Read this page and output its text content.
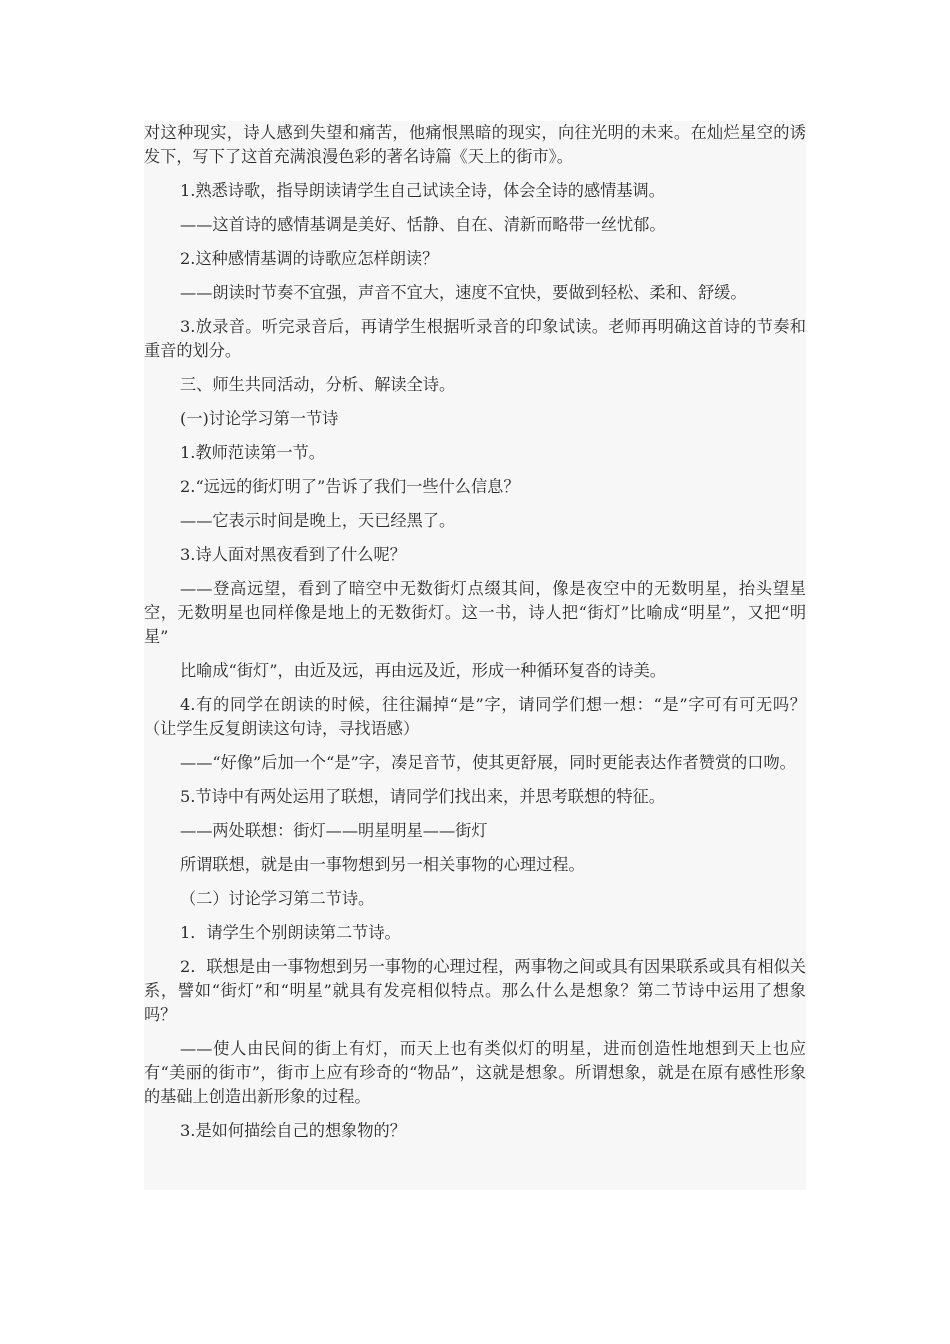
对这种现实，诗人感到失望和痛苦，他痛恨黑暗的现实，向往光明的未来。在灿烂星空的诱发下，写下了这首充满浪漫色彩的著名诗篇《天上的街市》。

1.熟悉诗歌，指导朗读请学生自己试读全诗，体会全诗的感情基调。

——这首诗的感情基调是美好、恬静、自在、清新而略带一丝忧郁。

2.这种感情基调的诗歌应怎样朗读？

——朗读时节奏不宜强，声音不宜大，速度不宜快，要做到轻松、柔和、舒缓。

3.放录音。听完录音后，再请学生根据听录音的印象试读。老师再明确这首诗的节奏和重音的划分。

三、师生共同活动，分析、解读全诗。

(一)讨论学习第一节诗

1.教师范读第一节。

2.“远远的街灯明了”告诉了我们一些什么信息？

——它表示时间是晚上，天已经黑了。

3.诗人面对黑夜看到了什么呢？

——登高远望，看到了暗空中无数街灯点缀其间，像是夜空中的无数明星，抬头望星空，无数明星也同样像是地上的无数街灯。这一书，诗人把“街灯”比喻成“明星”，又把“明星”

比喻成“街灯”，由近及远，再由远及近，形成一种循环复沓的诗美。

4.有的同学在朗读的时候，往往漏掉“是”字，请同学们想一想：“是”字可有可无吗？（让学生反复朗读这句诗，寻找语感）

——“好像”后加一个“是”字，凑足音节，使其更舒展，同时更能表达作者赞赏的口吻。

5.节诗中有两处运用了联想，请同学们找出来，并思考联想的特征。

——两处联想：街灯——明星明星——街灯

所谓联想，就是由一事物想到另一相关事物的心理过程。

（二）讨论学习第二节诗。

1．请学生个别朗读第二节诗。

2．联想是由一事物想到另一事物的心理过程，两事物之间或具有因果联系或具有相似关系，譬如“街灯”和“明星”就具有发亮相似特点。那么什么是想象？第二节诗中运用了想象吗？

——使人由民间的街上有灯，而天上也有类似灯的明星，进而创造性地想到天上也应有“美丽的街市”，街市上应有珍奇的“物品”，这就是想象。所谓想象，就是在原有感性形象的基础上创造出新形象的过程。

3.是如何描绘自己的想象物的？
